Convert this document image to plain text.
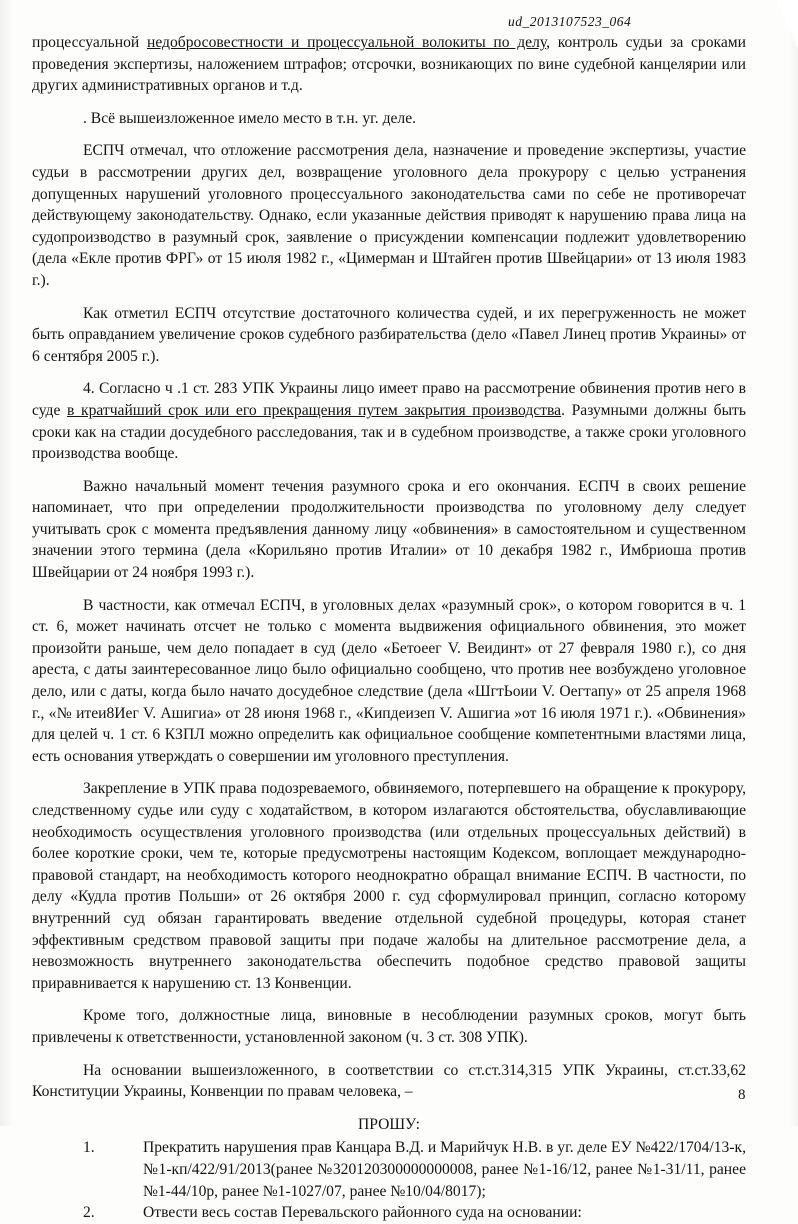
ud_2013107523_064

процессуальной недобросовестности и процессуальной волокиты по делу, контроль судьи за сроками проведения экспертизы, наложением штрафов; отсрочки, возникающих по вине судебной канцелярии или других административных органов и т.д.

. Всё вышеизложенное имело место в т.н. уг. деле.

ЕСПЧ отмечал, что отложение рассмотрения дела, назначение и проведение экспертизы, участие судьи в рассмотрении других дел, возвращение уголовного дела прокурору с целью устранения допущенных нарушений уголовного процессуального законодательства сами по себе не противоречат действующему законодательству. Однако, если указанные действия приводят к нарушению права лица на судопроизводство в разумный срок, заявление о присуждении компенсации подлежит удовлетворению (дела «Екле против ФРГ» от 15 июля 1982 г., «Цимерман и Штайген против Швейцарии» от 13 июля 1983 г.).

Как отметил ЕСПЧ отсутствие достаточного количества судей, и их перегруженность не может быть оправданием увеличение сроков судебного разбирательства (дело «Павел Линец против Украины» от 6 сентября 2005 г.).

4. Согласно ч .1 ст. 283 УПК Украины лицо имеет право на рассмотрение обвинения против него в суде в кратчайший срок или его прекращения путем закрытия производства. Разумными должны быть сроки как на стадии досудебного расследования, так и в судебном производстве, а также сроки уголовного производства вообще.

Важно начальный момент течения разумного срока и его окончания. ЕСПЧ в своих решение напоминает, что при определении продолжительности производства по уголовному делу следует учитывать срок с момента предъявления данному лицу «обвинения» в самостоятельном и существенном значении этого термина (дела «Корильяно против Италии» от 10 декабря 1982 г., Имбриоша против Швейцарии от 24 ноября 1993 г.).

В частности, как отмечал ЕСПЧ, в уголовных делах «разумный срок», о котором говорится в ч. 1 ст. 6, может начинать отсчет не только с момента выдвижения официального обвинения, это может произойти раньше, чем дело попадает в суд (дело «Бетоеег V. Веидинт» от 27 февраля 1980 г.), со дня ареста, с даты заинтересованное лицо было официально сообщено, что против нее возбуждено уголовное дело, или с даты, когда было начато досудебное следствие (дела «ШгтЬоии V. Оегтапу» от 25 апреля 1968 г., «№ итеи8Иег V. Ашигиа» от 28 июня 1968 г., «Кипдеизеп V. Ашигиа »от 16 июля 1971 г.). «Обвинения» для целей ч. 1 ст. 6 КЗПЛ можно определить как официальное сообщение компетентными властями лица, есть основания утверждать о совершении им уголовного преступления.

Закрепление в УПК права подозреваемого, обвиняемого, потерпевшего на обращение к прокурору, следственному судье или суду с ходатайством, в котором излагаются обстоятельства, обуславливающие необходимость осуществления уголовного производства (или отдельных процессуальных действий) в более короткие сроки, чем те, которые предусмотрены настоящим Кодексом, воплощает международно-правовой стандарт, на необходимость которого неоднократно обращал внимание ЕСПЧ. В частности, по делу «Кудла против Польши» от 26 октября 2000 г. суд сформулировал принцип, согласно которому внутренний суд обязан гарантировать введение отдельной судебной процедуры, которая станет эффективным средством правовой защиты при подаче жалобы на длительное рассмотрение дела, а невозможность внутреннего законодательства обеспечить подобное средство правовой защиты приравнивается к нарушению ст. 13 Конвенции.

Кроме того, должностные лица, виновные в несоблюдении разумных сроков, могут быть привлечены к ответственности, установленной законом (ч. 3 ст. 308 УПК).

На основании вышеизложенного, в соответствии со ст.ст.314,315 УПК Украины, ст.ст.33,62 Конституции Украины, Конвенции по правам человека, –

ПРОШУ:
1.	Прекратить нарушения прав Канцара В.Д. и Марийчук Н.В. в уг. деле ЕУ №422/1704/13-к, №1-кп/422/91/2013(ранее №320120300000000008, ранее №1-16/12, ранее №1-31/11, ранее №1-44/10р, ранее №1-1027/07, ранее №10/04/8017);
2.	Отвести весь состав Перевальского районного суда на основании:
8
